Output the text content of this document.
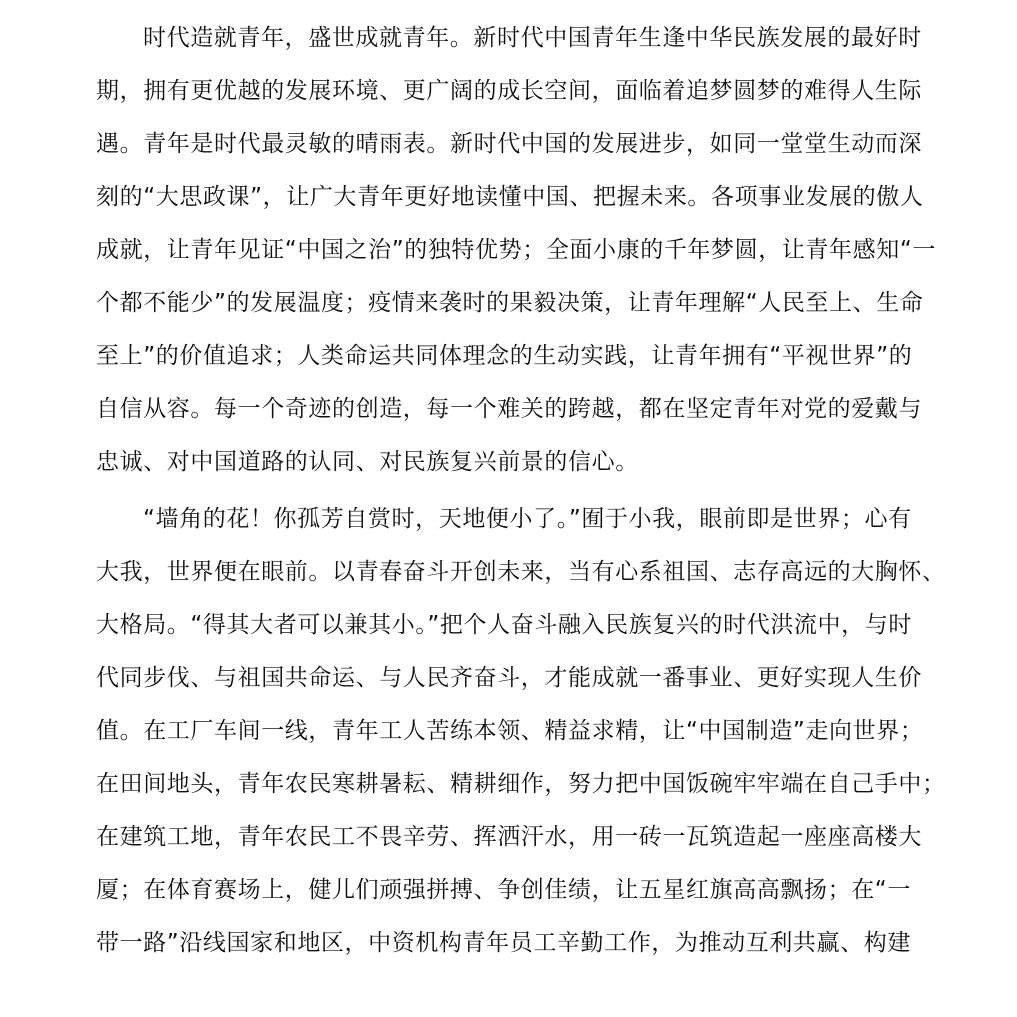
时代造就青年，盛世成就青年。新时代中国青年生逢中华民族发展的最好时
期，拥有更优越的发展环境、更广阔的成长空间，面临着追梦圆梦的难得人生际
遇。青年是时代最灵敏的晴雨表。新时代中国的发展进步，如同一堂堂生动而深
刻的“大思政课”，让广大青年更好地读懂中国、把握未来。各项事业发展的傲人
成就，让青年见证“中国之治”的独特优势；全面小康的千年梦圆，让青年感知“一
个都不能少”的发展温度；疫情来袭时的果毅决策，让青年理解“人民至上、生命
至上”的价值追求；人类命运共同体理念的生动实践，让青年拥有“平视世界”的
自信从容。每一个奇迹的创造，每一个难关的跨越，都在坚定青年对党的爱戴与
忠诚、对中国道路的认同、对民族复兴前景的信心。
“墙角的花！你孤芳自赏时，天地便小了。”囿于小我，眼前即是世界；心有
大我，世界便在眼前。以青春奋斗开创未来，当有心系祖国、志存高远的大胸怀、
大格局。“得其大者可以兼其小。”把个人奋斗融入民族复兴的时代洪流中，与时
代同步伐、与祖国共命运、与人民齐奋斗，才能成就一番事业、更好实现人生价
值。在工厂车间一线，青年工人苦练本领、精益求精，让“中国制造”走向世界；
在田间地头，青年农民寒耕暑耘、精耕细作，努力把中国饭碗牢牢端在自己手中；
在建筑工地，青年农民工不畏辛劳、挥洒汗水，用一砖一瓦筑造起一座座高楼大
厦；在体育赛场上，健儿们顽强拼搏、争创佳绩，让五星红旗高高飘扬；在“一
带一路”沿线国家和地区，中资机构青年员工辛勤工作，为推动互利共赢、构建
